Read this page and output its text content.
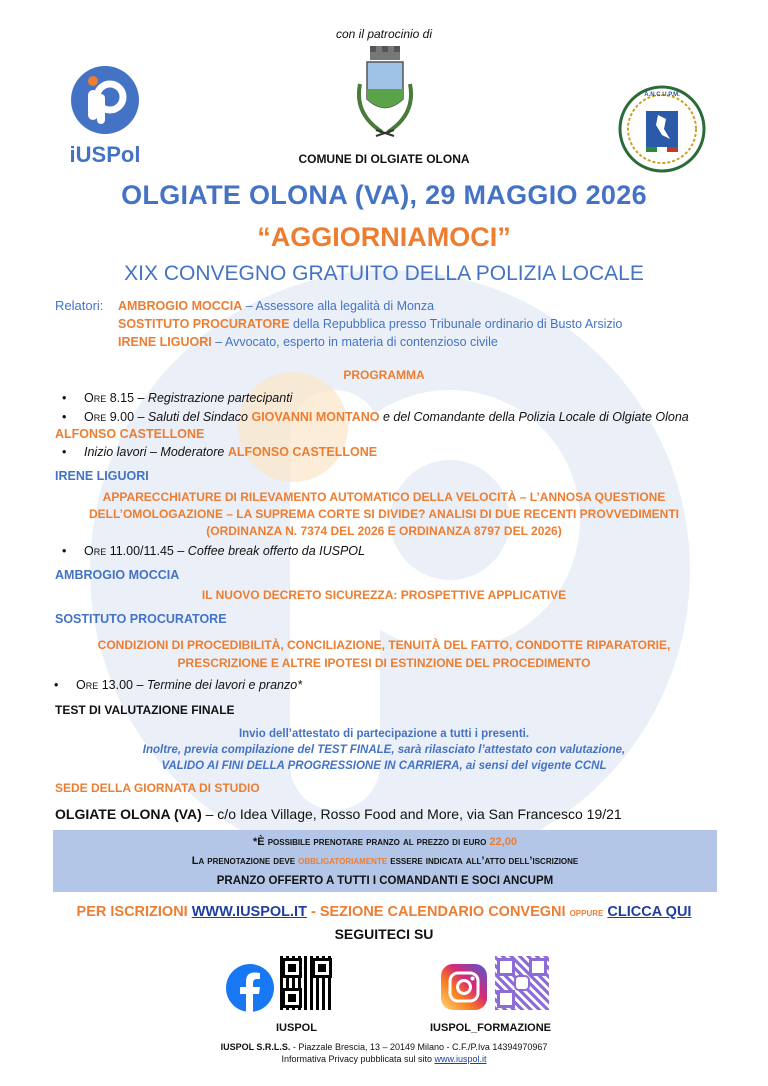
con il patrocinio di
iUSPol	COMUNE DI OLGIATE OLONA
A.N.C.U.P.M.
OLGIATE OLONA (VA), 29 MAGGIO 2026
“AGGIORNIAMOCI”
XIX CONVEGNO GRATUITO DELLA POLIZIA LOCALE
Relatori: AMBROGIO MOCCIA – Assessore alla legalità di Monza
SOSTITUTO PROCURATORE della Repubblica presso Tribunale ordinario di Busto Arsizio
IRENE LIGUORI – Avvocato, esperto in materia di contenzioso civile
PROGRAMMA
• Ore 8.15 – Registrazione partecipanti
• Ore 9.00 – Saluti del Sindaco GIOVANNI MONTANO e del Comandante della Polizia Locale di Olgiate Olona
ALFONSO CASTELLONE
• Inizio lavori – Moderatore ALFONSO CASTELLONE
IRENE LIGUORI
APPARECCHIATURE DI RILEVAMENTO AUTOMATICO DELLA VELOCITÀ – L’ANNOSA QUESTIONE
DELL’OMOLOGAZIONE – LA SUPREMA CORTE SI DIVIDE? ANALISI DI DUE RECENTI PROVVEDIMENTI
(ORDINANZA N. 7374 DEL 2026 E ORDINANZA 8797 DEL 2026)
• Ore 11.00/11.45 – Coffee break offerto da IUSPOL
AMBROGIO MOCCIA
IL NUOVO DECRETO SICUREZZA: PROSPETTIVE APPLICATIVE
SOSTITUTO PROCURATORE
CONDIZIONI DI PROCEDIBILITÀ, CONCILIAZIONE, TENUITÀ DEL FATTO, CONDOTTE RIPARATORIE,
PRESCRIZIONE E ALTRE IPOTESI DI ESTINZIONE DEL PROCEDIMENTO
• Ore 13.00 – Termine dei lavori e pranzo*
TEST DI VALUTAZIONE FINALE
Invio dell’attestato di partecipazione a tutti i presenti.
Inoltre, previa compilazione del TEST FINALE, sarà rilasciato l’attestato con valutazione,
VALIDO AI FINI DELLA PROGRESSIONE IN CARRIERA, ai sensi del vigente CCNL
SEDE DELLA GIORNATA DI STUDIO
OLGIATE OLONA (VA) – c/o Idea Village, Rosso Food and More, via San Francesco 19/21
*È possibile prenotare pranzo al prezzo di euro 22,00
La prenotazione deve obbligatoriamente essere indicata all’atto dell’iscrizione
PRANZO OFFERTO A TUTTI I COMANDANTI E SOCI ANCUPM
PER ISCRIZIONI WWW.IUSPOL.IT - SEZIONE CALENDARIO CONVEGNI oppure CLICCA QUI
SEGUITECI SU
IUSPOL	IUSPOL_FORMAZIONE
IUSPOL S.R.L.S. - Piazzale Brescia, 13 – 20149 Milano - C.F./P.Iva 14394970967
Informativa Privacy pubblicata sul sito www.iuspol.it
